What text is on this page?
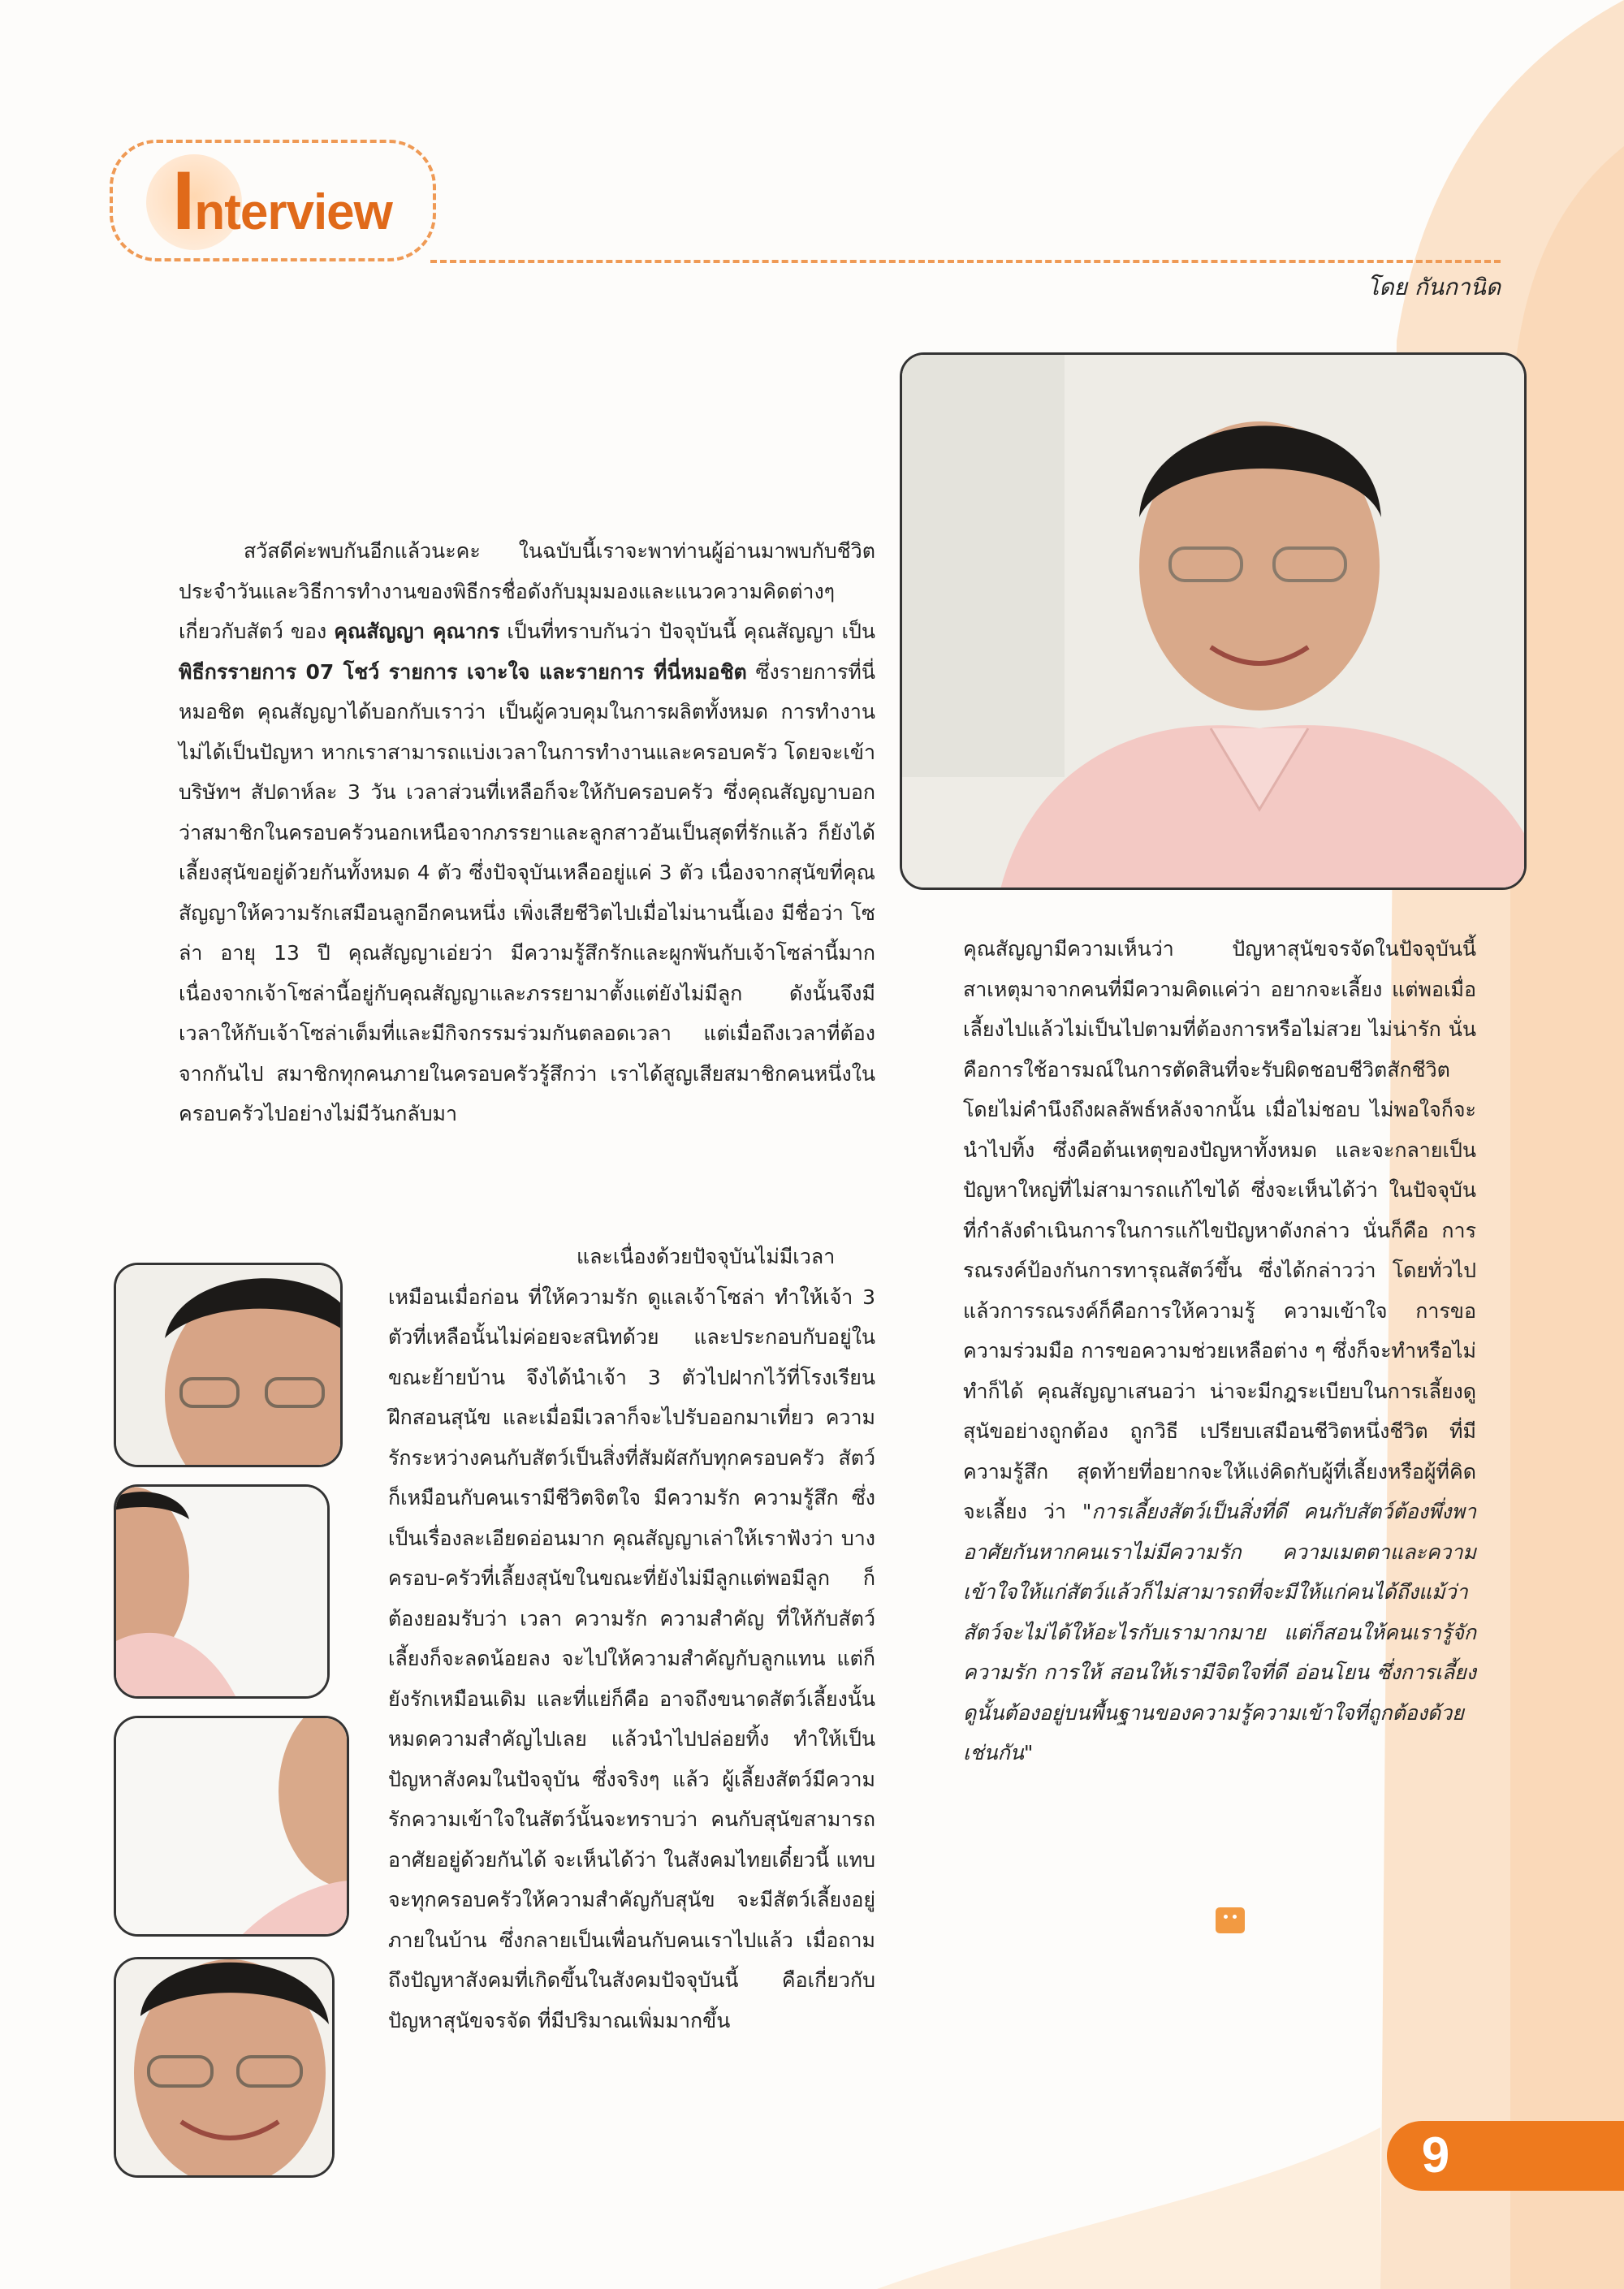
Interview
โดย กันกานิด

สวัสดีค่ะพบกันอีกแล้วนะคะ ในฉบับนี้เราจะพาท่านผู้อ่านมาพบกับชีวิตประจำวันและวิธีการทำงานของพิธีกรชื่อดังกับมุมมองและแนวความคิดต่างๆ เกี่ยวกับสัตว์ ของ คุณสัญญา คุณากร เป็นที่ทราบกันว่า ปัจจุบันนี้ คุณสัญญา เป็นพิธีกรรายการ 07 โชว์ รายการ เจาะใจ และรายการ ที่นี่หมอชิต ซึ่งรายการที่นี่หมอชิต คุณสัญญาได้บอกกับเราว่า เป็นผู้ควบคุมในการผลิตทั้งหมด การทำงานไม่ได้เป็นปัญหา หากเราสามารถแบ่งเวลาในการทำงานและครอบครัว โดยจะเข้าบริษัทฯ สัปดาห์ละ 3 วัน เวลาส่วนที่เหลือก็จะให้กับครอบครัว ซึ่งคุณสัญญาบอกว่าสมาชิกในครอบครัวนอกเหนือจากภรรยาและลูกสาวอันเป็นสุดที่รักแล้ว ก็ยังได้เลี้ยงสุนัขอยู่ด้วยกันทั้งหมด 4 ตัว ซึ่งปัจจุบันเหลืออยู่แค่ 3 ตัว เนื่องจากสุนัขที่คุณสัญญาให้ความรักเสมือนลูกอีกคนหนึ่ง เพิ่งเสียชีวิตไปเมื่อไม่นานนี้เอง มีชื่อว่า โซล่า อายุ 13 ปี คุณสัญญาเอ่ยว่า มีความรู้สึกรักและผูกพันกับเจ้าโซล่านี้มาก เนื่องจากเจ้าโซล่านี้อยู่กับคุณสัญญาและภรรยามาตั้งแต่ยังไม่มีลูก ดังนั้นจึงมีเวลาให้กับเจ้าโซล่าเต็มที่และมีกิจกรรมร่วมกันตลอดเวลา แต่เมื่อถึงเวลาที่ต้องจากกันไป สมาชิกทุกคนภายในครอบครัวรู้สึกว่า เราได้สูญเสียสมาชิกคนหนึ่งในครอบครัวไปอย่างไม่มีวันกลับมา

และเนื่องด้วยปัจจุบันไม่มีเวลาเหมือนเมื่อก่อน ที่ให้ความรัก ดูแลเจ้าโซล่า ทำให้เจ้า 3 ตัวที่เหลือนั้นไม่ค่อยจะสนิทด้วย และประกอบกับอยู่ในขณะย้ายบ้าน จึงได้นำเจ้า 3 ตัวไปฝากไว้ที่โรงเรียนฝึกสอนสุนัข และเมื่อมีเวลาก็จะไปรับออกมาเที่ยว ความรักระหว่างคนกับสัตว์เป็นสิ่งที่สัมผัสกับทุกครอบครัว สัตว์ก็เหมือนกับคนเรามีชีวิตจิตใจ มีความรัก ความรู้สึก ซึ่งเป็นเรื่องละเอียดอ่อนมาก คุณสัญญาเล่าให้เราฟังว่า บางครอบ-ครัวที่เลี้ยงสุนัขในขณะที่ยังไม่มีลูกแต่พอมีลูก ก็ต้องยอมรับว่า เวลา ความรัก ความสำคัญ ที่ให้กับสัตว์เลี้ยงก็จะลดน้อยลง จะไปให้ความสำคัญกับลูกแทน แต่ก็ยังรักเหมือนเดิม และที่แย่ก็คือ อาจถึงขนาดสัตว์เลี้ยงนั้นหมดความสำคัญไปเลย แล้วนำไปปล่อยทิ้ง ทำให้เป็นปัญหาสังคมในปัจจุบัน ซึ่งจริงๆ แล้ว ผู้เลี้ยงสัตว์มีความรักความเข้าใจในสัตว์นั้นจะทราบว่า คนกับสุนัขสามารถอาศัยอยู่ด้วยกันได้ จะเห็นได้ว่า ในสังคมไทยเดี๋ยวนี้ แทบจะทุกครอบครัวให้ความสำคัญกับสุนัข จะมีสัตว์เลี้ยงอยู่ภายในบ้าน ซึ่งกลายเป็นเพื่อนกับคนเราไปแล้ว เมื่อถามถึงปัญหาสังคมที่เกิดขึ้นในสังคมปัจจุบันนี้ คือเกี่ยวกับปัญหาสุนัขจรจัด ที่มีปริมาณเพิ่มมากขึ้น

คุณสัญญามีความเห็นว่า ปัญหาสุนัขจรจัดในปัจจุบันนี้สาเหตุมาจากคนที่มีความคิดแค่ว่า อยากจะเลี้ยง แต่พอเมื่อเลี้ยงไปแล้วไม่เป็นไปตามที่ต้องการหรือไม่สวย ไม่น่ารัก นั่นคือการใช้อารมณ์ในการตัดสินที่จะรับผิดชอบชีวิตสักชีวิต โดยไม่คำนึงถึงผลลัพธ์หลังจากนั้น เมื่อไม่ชอบ ไม่พอใจก็จะนำไปทิ้ง ซึ่งคือต้นเหตุของปัญหาทั้งหมด และจะกลายเป็นปัญหาใหญ่ที่ไม่สามารถแก้ไขได้ ซึ่งจะเห็นได้ว่า ในปัจจุบันที่กำลังดำเนินการในการแก้ไขปัญหาดังกล่าว นั่นก็คือ การรณรงค์ป้องกันการทารุณสัตว์ขึ้น ซึ่งได้กล่าวว่า โดยทั่วไปแล้วการรณรงค์ก็คือการให้ความรู้ ความเข้าใจ การขอความร่วมมือ การขอความช่วยเหลือต่าง ๆ ซึ่งก็จะทำหรือไม่ทำก็ได้ คุณสัญญาเสนอว่า น่าจะมีกฎระเบียบในการเลี้ยงดูสุนัขอย่างถูกต้อง ถูกวิธี เปรียบเสมือนชีวิตหนึ่งชีวิต ที่มีความรู้สึก สุดท้ายที่อยากจะให้แง่คิดกับผู้ที่เลี้ยงหรือผู้ที่คิดจะเลี้ยง ว่า "การเลี้ยงสัตว์เป็นสิ่งที่ดี คนกับสัตว์ต้องพึ่งพาอาศัยกันหากคนเราไม่มีความรัก ความเมตตาและความเข้าใจให้แก่สัตว์แล้วก็ไม่สามารถที่จะมีให้แก่คนได้ถึงแม้ว่า สัตว์จะไม่ได้ให้อะไรกับเรามากมาย แต่ก็สอนให้คนเรารู้จักความรัก การให้ สอนให้เรามีจิตใจที่ดี อ่อนโยน ซึ่งการเลี้ยงดูนั้นต้องอยู่บนพื้นฐานของความรู้ความเข้าใจที่ถูกต้องด้วยเช่นกัน"

9
